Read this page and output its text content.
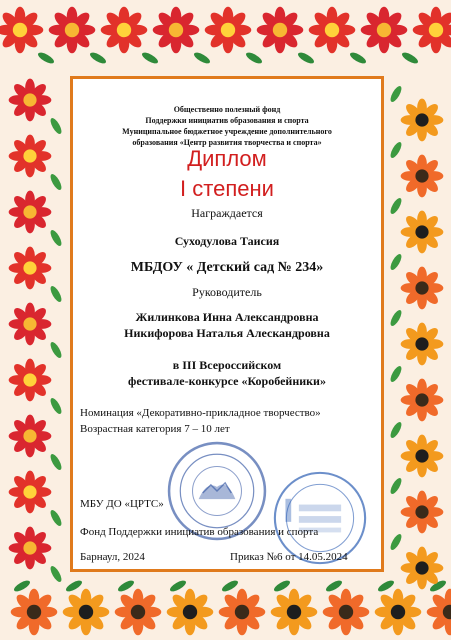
Общественно полезный фонд
Поддержки инициатив образования и спорта
Муниципальное бюджетное учреждение дополнительного
образования «Центр развития творчества и спорта»
Диплом
I степени
Награждается
Суходулова Таисия
МБДОУ « Детский сад № 234»
Руководитель
Жилинкова Инна Александровна
Никифорова Наталья Алескандровна
в III Всероссийском
фестивале-конкурсе «Коробейники»
Номинация «Декоративно-прикладное творчество»
Возрастная категория 7 – 10 лет
МБУ ДО «ЦРТС»
Фонд Поддержки инициатив образования и спорта
Барнаул, 2024	Приказ №6 от 14.05.2024
